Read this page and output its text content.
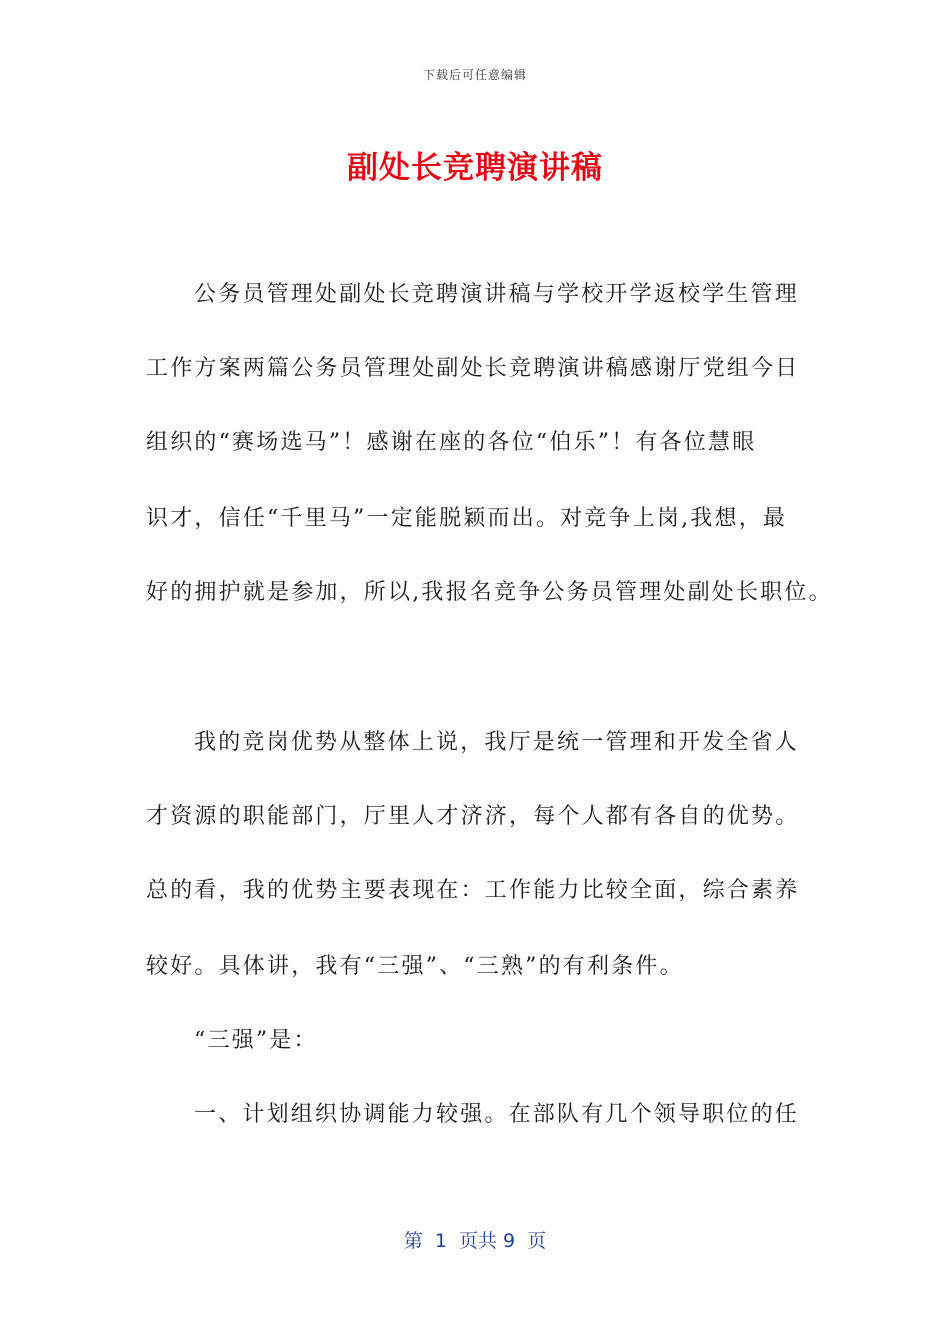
下载后可任意编辑
副处长竞聘演讲稿
公务员管理处副处长竞聘演讲稿与学校开学返校学生管理
工作方案两篇公务员管理处副处长竞聘演讲稿感谢厅党组今日
组织的“赛场选马”！感谢在座的各位“伯乐”！有各位慧眼
识才，信任“千里马”一定能脱颖而出。对竞争上岗,我想，最
好的拥护就是参加，所以,我报名竞争公务员管理处副处长职位。
我的竞岗优势从整体上说，我厅是统一管理和开发全省人
才资源的职能部门，厅里人才济济，每个人都有各自的优势。
总的看，我的优势主要表现在：工作能力比较全面，综合素养
较好。具体讲，我有“三强”、“三熟”的有利条件。
“三强”是：
一、计划组织协调能力较强。在部队有几个领导职位的任
第  1  页共 9  页
